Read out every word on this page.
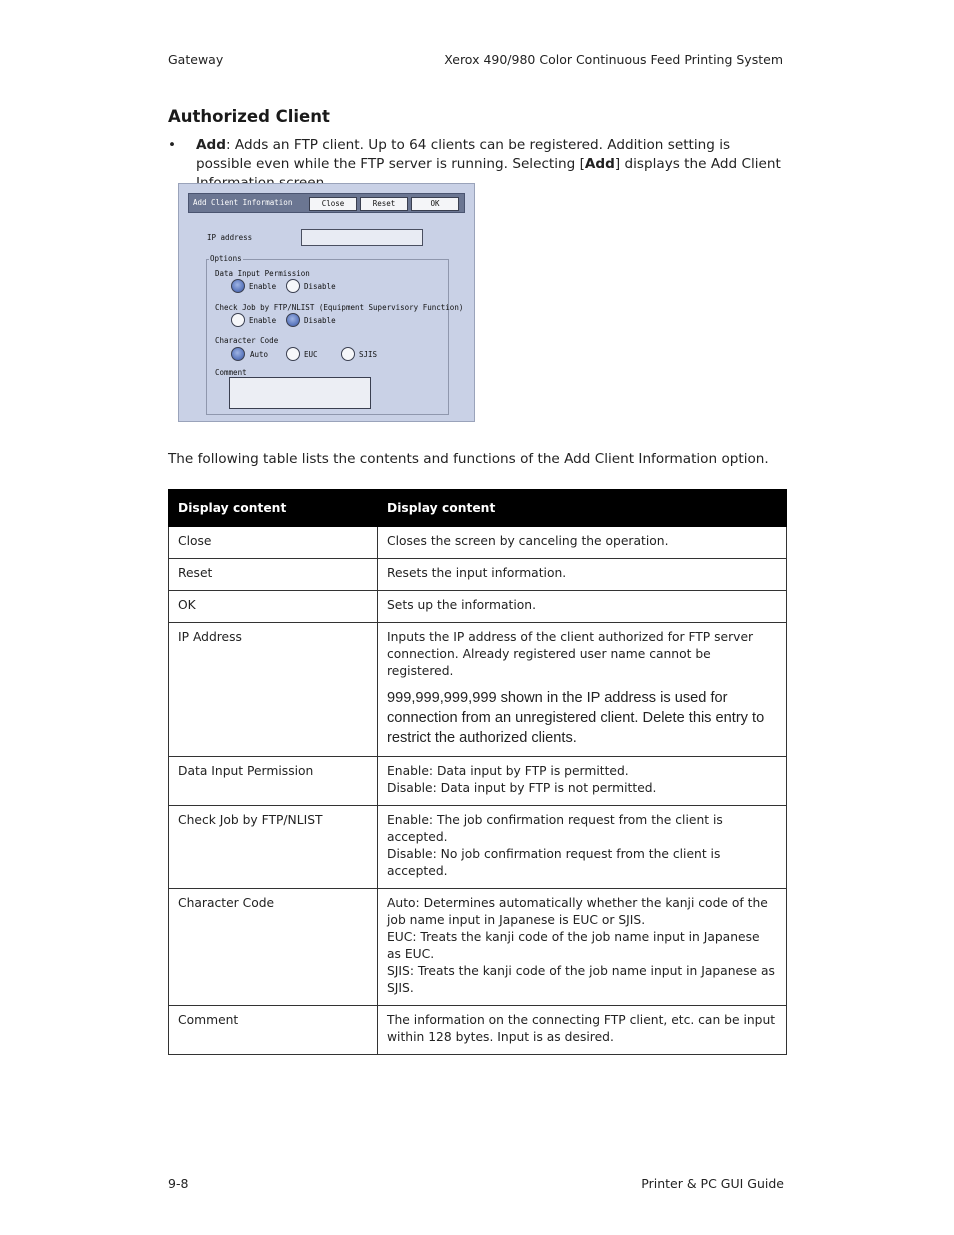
Gateway	Xerox 490/980 Color Continuous Feed Printing System
Authorized Client
• Add: Adds an FTP client. Up to 64 clients can be registered. Addition setting is possible even while the FTP server is running. Selecting [Add] displays the Add Client
Add Client Information	Close	Reset	OK
IP address
Options
Data Input Permission
Enable	Disable
Check Job by FTP/NLIST (Equipment Supervisory Function)
Enable	Disable
Character Code
Auto	EUC	SJIS
Comment
The following table lists the contents and functions of the Add Client Information option.
Display content	Display content
Close	Closes the screen by canceling the operation.

Reset	Resets the input information.

OK	Sets up the information.

IP Address	Inputs the IP address of the client authorized for FTP server connection. Already registered user name cannot be registered.
999,999,999,999 shown in the IP address is used for connection from an unregistered client. Delete this entry to restrict the authorized clients.

Data Input Permission	Enable: Data input by FTP is permitted.
Disable: Data input by FTP is not permitted.

Check Job by FTP/NLIST	Enable: The job confirmation request from the client is accepted.
Disable: No job confirmation request from the client is accepted.

Character Code	Auto: Determines automatically whether the kanji code of the job name input in Japanese is EUC or SJIS.
EUC: Treats the kanji code of the job name input in Japanese as EUC.
SJIS: Treats the kanji code of the job name input in Japanese as SJIS.

Comment	The information on the connecting FTP client, etc. can be input within 128 bytes. Input is as desired.
9-8	Printer & PC GUI Guide
